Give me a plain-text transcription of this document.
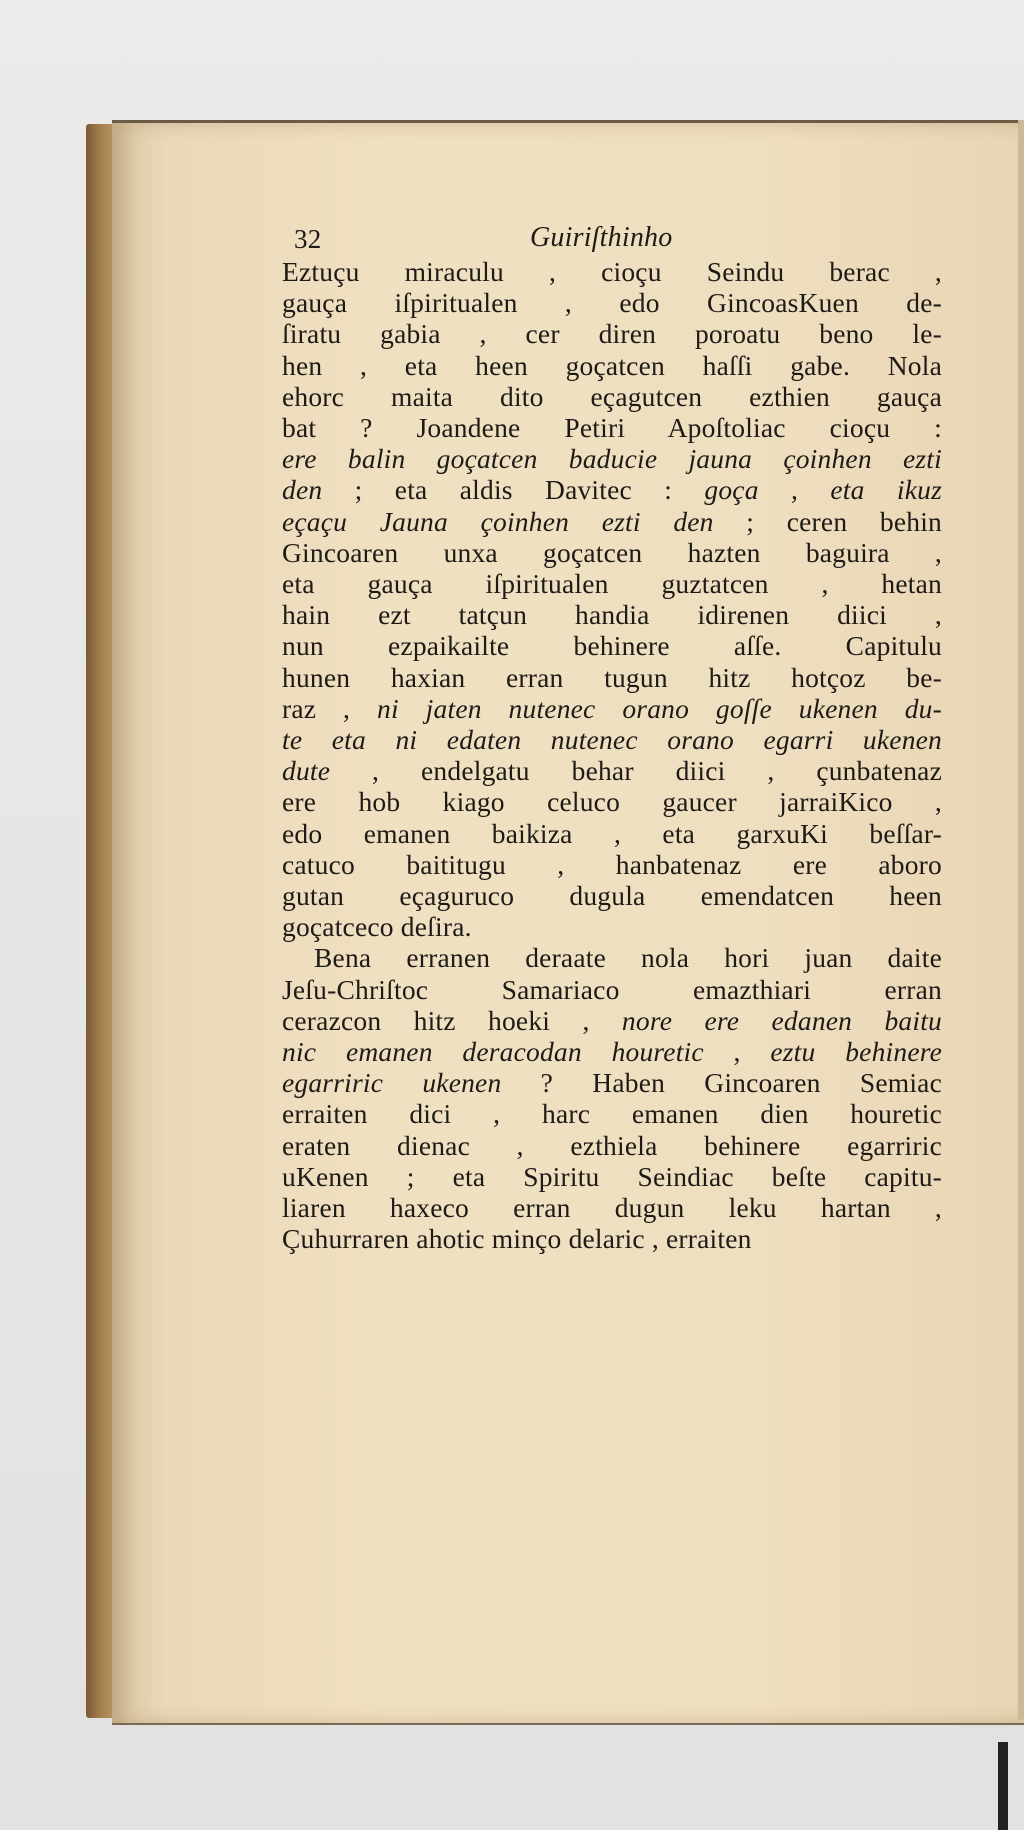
32	Guiriſthinho
Eztuçu miraculu , cioçu Seindu berac ,
gauça iſpiritualen , edo GincoasKuen de-
ſiratu gabia , cer diren poroatu beno le-
hen , eta heen goçatcen haſſi gabe. Nola
ehorc maita dito eçagutcen ezthien gauça
bat ? Joandene Petiri Apoſtoliac cioçu :
ere balin goçatcen baducie jauna çoinhen ezti
den ; eta aldis Davitec : goça , eta ikuz
eçaçu Jauna çoinhen ezti den ; ceren behin
Gincoaren unxa goçatcen hazten baguira ,
eta gauça iſpiritualen guztatcen , hetan
hain ezt tatçun handia idirenen diici ,
nun ezpaikailte behinere aſſe. Capitulu
hunen haxian erran tugun hitz hotçoz be-
raz , ni jaten nutenec orano goſſe ukenen du-
te eta ni edaten nutenec orano egarri ukenen
dute , endelgatu behar diici , çunbatenaz
ere hob kiago celuco gaucer jarraiKico ,
edo emanen baikiza , eta garxuKi beſſar-
catuco baititugu , hanbatenaz ere aboro
gutan eçaguruco dugula emendatcen heen
goçatceco deſira.
Bena erranen deraate nola hori juan daite
Jeſu-Chriſtoc Samariaco emazthiari erran
cerazcon hitz hoeki , nore ere edanen baitu
nic emanen deracodan houretic , eztu behinere
egarriric ukenen ? Haben Gincoaren Semiac
erraiten dici , harc emanen dien houretic
eraten dienac , ezthiela behinere egarriric
uKenen ; eta Spiritu Seindiac beſte capitu-
liaren haxeco erran dugun leku hartan ,
Çuhurraren ahotic minço delaric , erraiten
